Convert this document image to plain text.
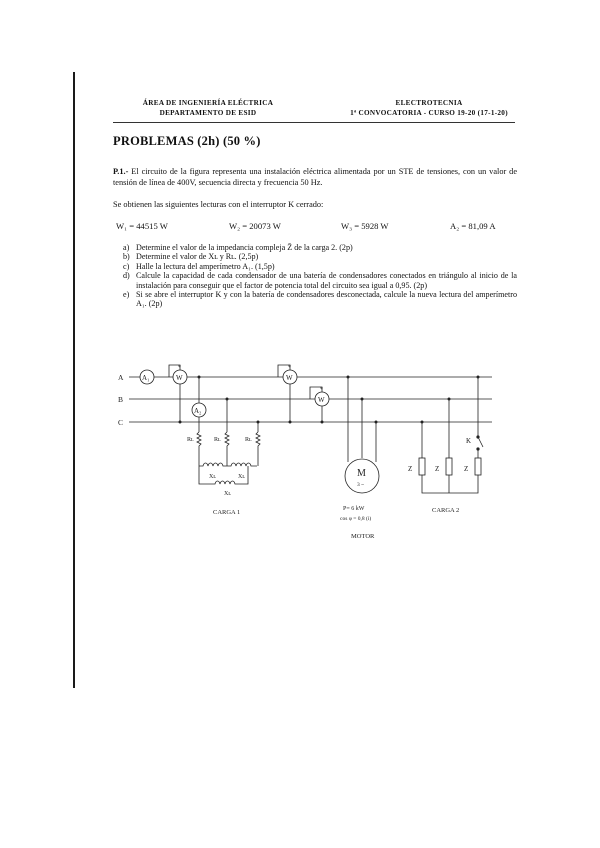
ÁREA DE INGENIERÍA ELÉCTRICA
DEPARTAMENTO DE ESID
ELECTROTECNIA
1ª CONVOCATORIA - CURSO 19-20 (17-1-20)
PROBLEMAS (2h) (50 %)
P.1.- El circuito de la figura representa una instalación eléctrica alimentada por un STE de tensiones, con un valor de tensión de línea de 400V, secuencia directa y frecuencia 50 Hz.
Se obtienen las siguientes lecturas con el interruptor K cerrado:
W₁ = 44515 W	W₂ = 20073 W	W₃ = 5928 W	A₂ = 81,09 A
a) Determine el valor de la impedancia compleja Z̄ de la carga 2. (2p)
b) Determine el valor de Xʟ y Rʟ. (2,5p)
c) Halle la lectura del amperímetro A₁. (1,5p)
d) Calcule la capacidad de cada condensador de una batería de condensadores conectados en triángulo al inicio de la instalación para conseguir que el factor de potencia total del circuito sea igual a 0,95. (2p)
e) Si se abre el interruptor K y con la batería de condensadores desconectada, calcule la nueva lectura del amperímetro A₁. (2p)
A
B
C
A₁	W
*
A₂
Rʟ	Rʟ	Rʟ
Xʟ	Xʟ
Xʟ
CARGA 1
W
*
W
*
M
3 ~
P= 6 kW
cos φ = 0,8 (i)
MOTOR
Z	Z	Z
K
CARGA 2
